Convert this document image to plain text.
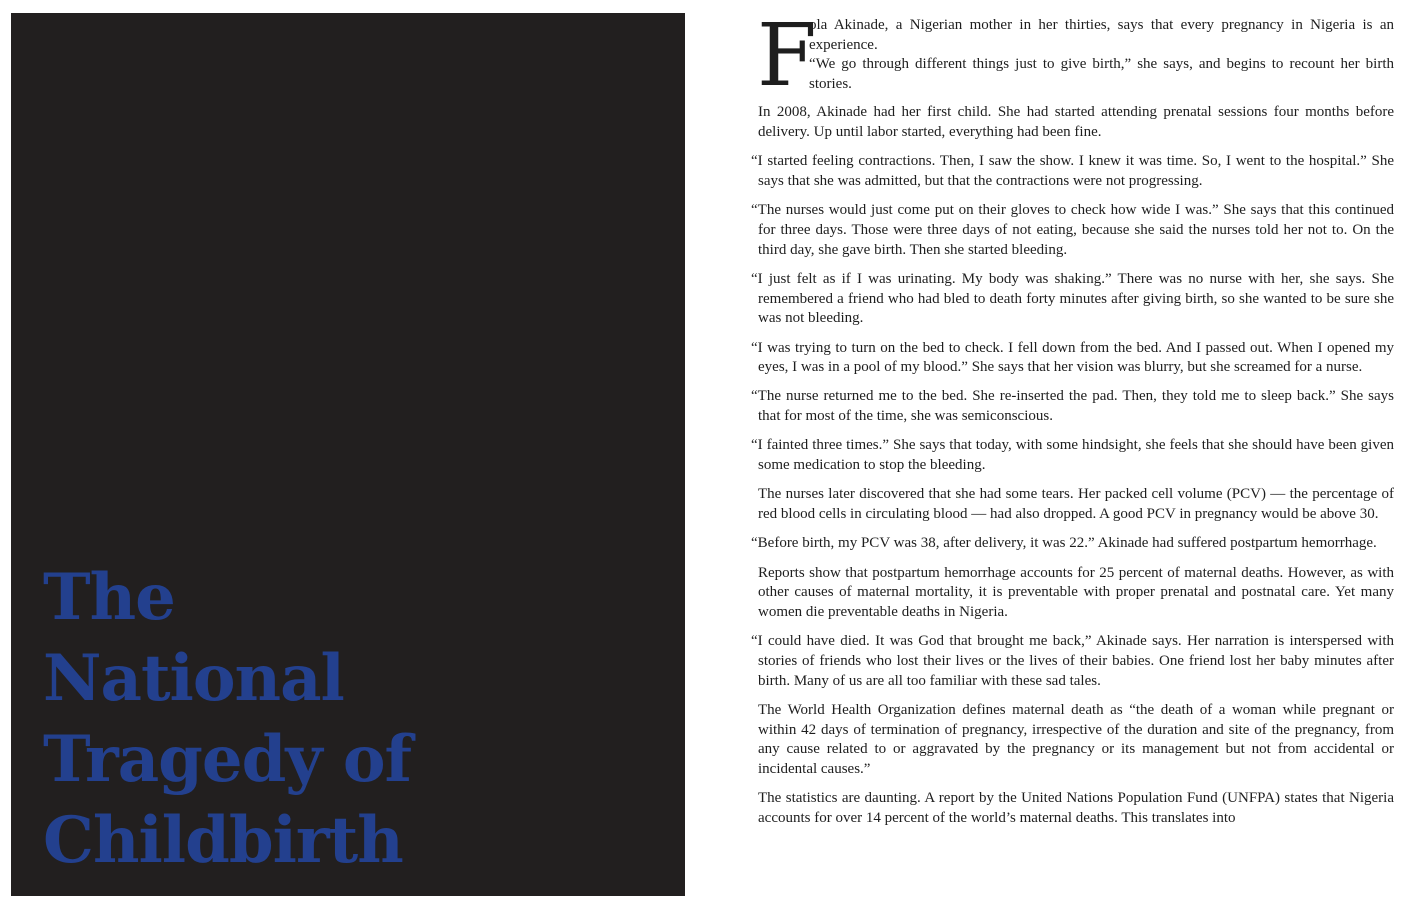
The
National
Tragedy of
Childbirth
F

ola Akinade, a Nigerian mother in her thirties, says that every pregnancy in Nigeria is an experience.

“We go through different things just to give birth,” she says, and begins to recount her birth stories.

In 2008, Akinade had her first child. She had started attending prenatal sessions four months before delivery. Up until labor started, everything had been fine.

“I started feeling contractions. Then, I saw the show. I knew it was time. So, I went to the hospital.” She says that she was admitted, but that the contractions were not progressing.

“The nurses would just come put on their gloves to check how wide I was.” She says that this continued for three days. Those were three days of not eating, because she said the nurses told her not to. On the third day, she gave birth. Then she started bleeding.

“I just felt as if I was urinating. My body was shaking.” There was no nurse with her, she says. She remembered a friend who had bled to death forty minutes after giving birth, so she wanted to be sure she was not bleeding.

“I was trying to turn on the bed to check. I fell down from the bed. And I passed out. When I opened my eyes, I was in a pool of my blood.” She says that her vision was blurry, but she screamed for a nurse.

“The nurse returned me to the bed. She re-inserted the pad. Then, they told me to sleep back.” She says that for most of the time, she was semiconscious.

“I fainted three times.” She says that today, with some hindsight, she feels that she should have been given some medication to stop the bleeding.

The nurses later discovered that she had some tears. Her packed cell volume (PCV) — the percentage of red blood cells in circulating blood — had also dropped. A good PCV in pregnancy would be above 30.

“Before birth, my PCV was 38, after delivery, it was 22.” Akinade had suffered postpartum hemorrhage.

Reports show that postpartum hemorrhage accounts for 25 percent of maternal deaths. However, as with other causes of maternal mortality, it is preventable with proper prenatal and postnatal care. Yet many women die preventable deaths in Nigeria.

“I could have died. It was God that brought me back,” Akinade says. Her narration is interspersed with stories of friends who lost their lives or the lives of their babies. One friend lost her baby minutes after birth. Many of us are all too familiar with these sad tales.

The World Health Organization defines maternal death as “the death of a woman while pregnant or within 42 days of termination of pregnancy, irrespective of the duration and site of the pregnancy, from any cause related to or aggravated by the pregnancy or its management but not from accidental or incidental causes.”

The statistics are daunting. A report by the United Nations Population Fund (UNFPA) states that Nigeria accounts for over 14 percent of the world’s maternal deaths. This translates into
